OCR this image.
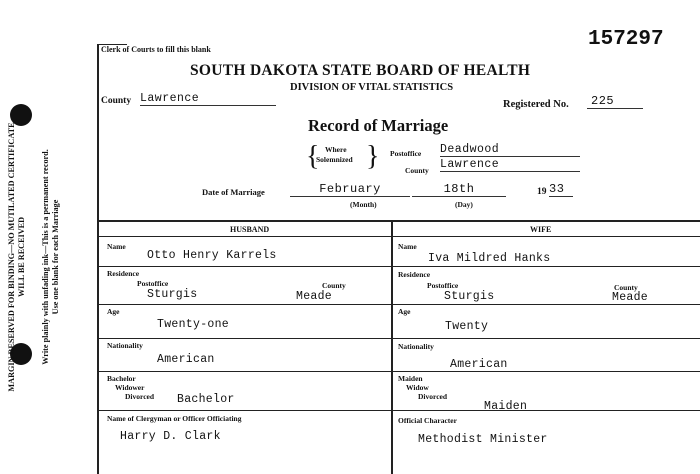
MARGIN RESERVED FOR BINDING—NO MUTILATED CERTIFICATE WILL BE RECEIVED Write plainly with unfading ink—This is a permanent record. Use one blank for each Marriage
Clerk of Courts to fill this blank	157297
SOUTH DAKOTA STATE BOARD OF HEALTH
DIVISION OF VITAL STATISTICS
County Lawrence	Registered No.	225
Record of Marriage
{ Where
Solemnized } Postoffice Deadwood
County Lawrence
Date of Marriage	February	18th	19 33
(Month)	(Day)
HUSBAND	WIFE
Name
Otto Henry Karrels
Residence
Postoffice	County
Sturgis	Meade
Age
Twenty-one
Nationality
American
Bachelor
Widower
Divorced Bachelor
Name
Iva Mildred Hanks
Residence
Postoffice	County
Sturgis	Meade
Age
Twenty
Nationality
American
Maiden
Widow
Divorced
Maiden
Name of Clergyman or Officer Officiating
Harry D. Clark
Official Character
Methodist Minister
